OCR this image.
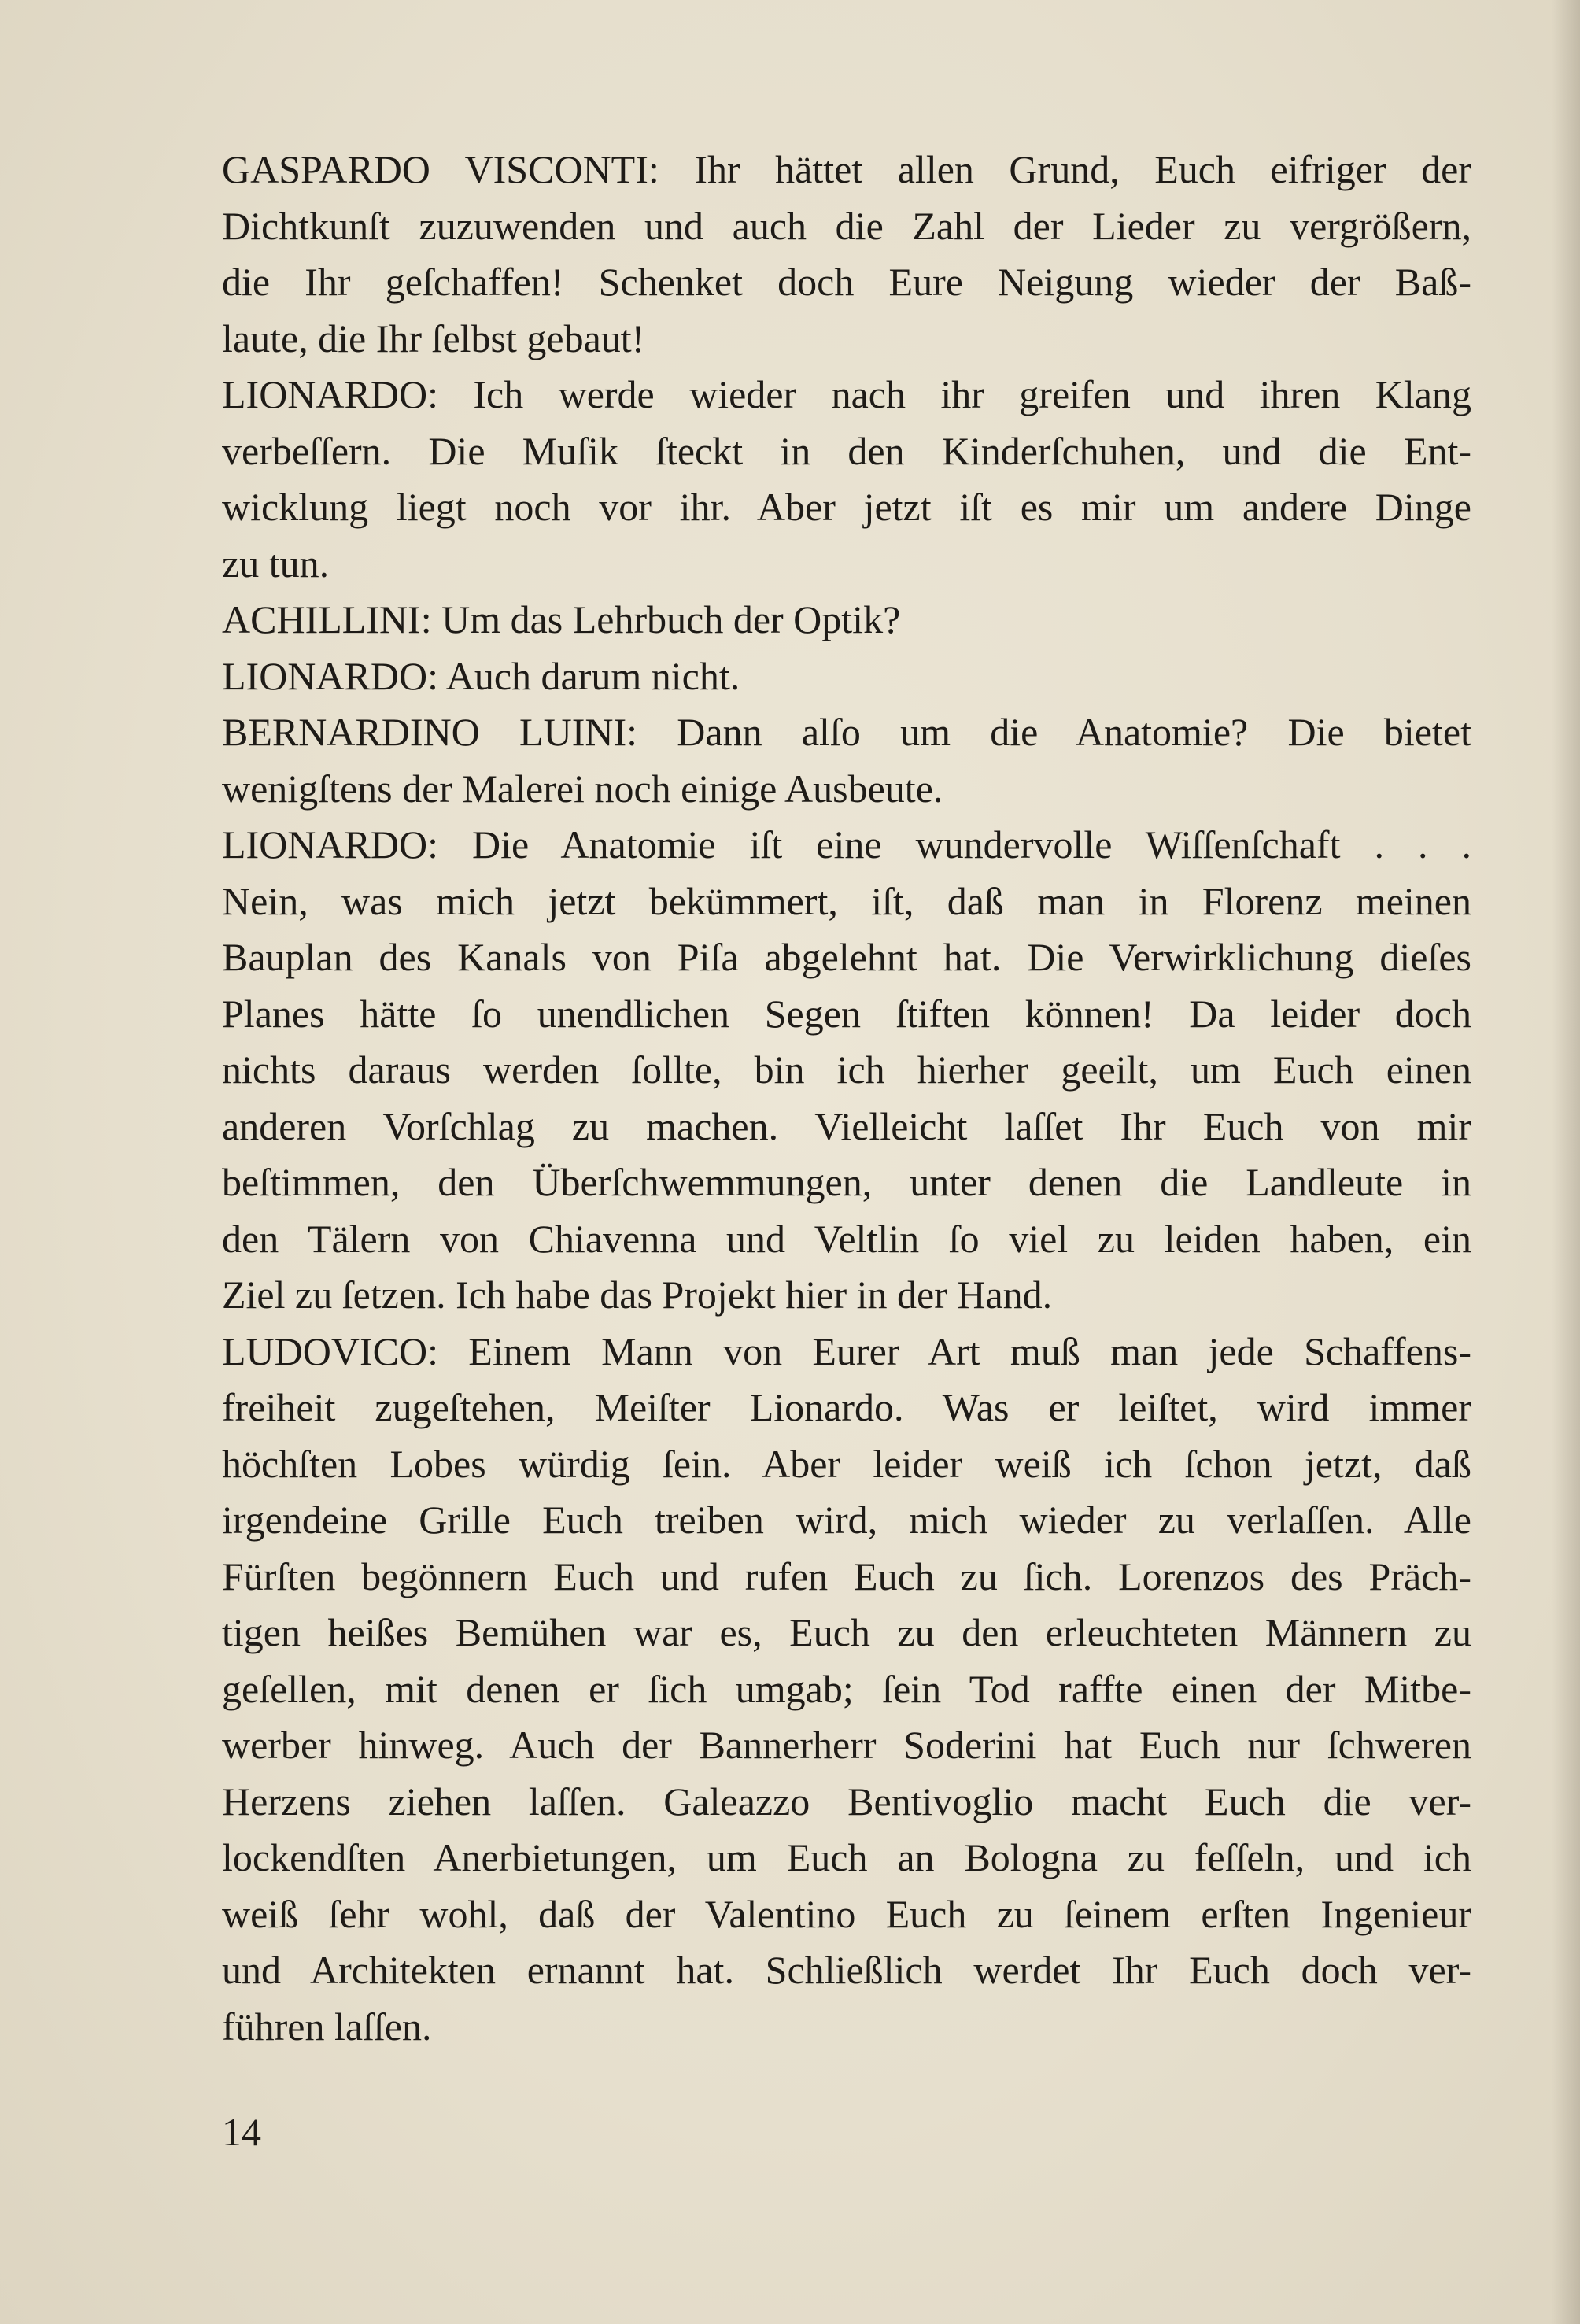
GASPARDO VISCONTI: Ihr hättet allen Grund, Euch eifriger der
Dichtkunſt zuzuwenden und auch die Zahl der Lieder zu vergrößern,
die Ihr geſchaffen! Schenket doch Eure Neigung wieder der Baß-
laute, die Ihr ſelbst gebaut!
LIONARDO: Ich werde wieder nach ihr greifen und ihren Klang
verbeſſern. Die Muſik ſteckt in den Kinderſchuhen, und die Ent-
wicklung liegt noch vor ihr. Aber jetzt iſt es mir um andere Dinge
zu tun.
ACHILLINI: Um das Lehrbuch der Optik?
LIONARDO: Auch darum nicht.
BERNARDINO LUINI: Dann alſo um die Anatomie? Die bietet
wenigſtens der Malerei noch einige Ausbeute.
LIONARDO: Die Anatomie iſt eine wundervolle Wiſſenſchaft . . .
Nein, was mich jetzt bekümmert, iſt, daß man in Florenz meinen
Bauplan des Kanals von Piſa abgelehnt hat. Die Verwirklichung dieſes
Planes hätte ſo unendlichen Segen ſtiften können! Da leider doch
nichts daraus werden ſollte, bin ich hierher geeilt, um Euch einen
anderen Vorſchlag zu machen. Vielleicht laſſet Ihr Euch von mir
beſtimmen, den Überſchwemmungen, unter denen die Landleute in
den Tälern von Chiavenna und Veltlin ſo viel zu leiden haben, ein
Ziel zu ſetzen. Ich habe das Projekt hier in der Hand.
LUDOVICO: Einem Mann von Eurer Art muß man jede Schaffens-
freiheit zugeſtehen, Meiſter Lionardo. Was er leiſtet, wird immer
höchſten Lobes würdig ſein. Aber leider weiß ich ſchon jetzt, daß
irgendeine Grille Euch treiben wird, mich wieder zu verlaſſen. Alle
Fürſten begönnern Euch und rufen Euch zu ſich. Lorenzos des Präch-
tigen heißes Bemühen war es, Euch zu den erleuchteten Männern zu
geſellen, mit denen er ſich umgab; ſein Tod raffte einen der Mitbe-
werber hinweg. Auch der Bannerherr Soderini hat Euch nur ſchweren
Herzens ziehen laſſen. Galeazzo Bentivoglio macht Euch die ver-
lockendſten Anerbietungen, um Euch an Bologna zu feſſeln, und ich
weiß ſehr wohl, daß der Valentino Euch zu ſeinem erſten Ingenieur
und Architekten ernannt hat. Schließlich werdet Ihr Euch doch ver-
führen laſſen.
14
